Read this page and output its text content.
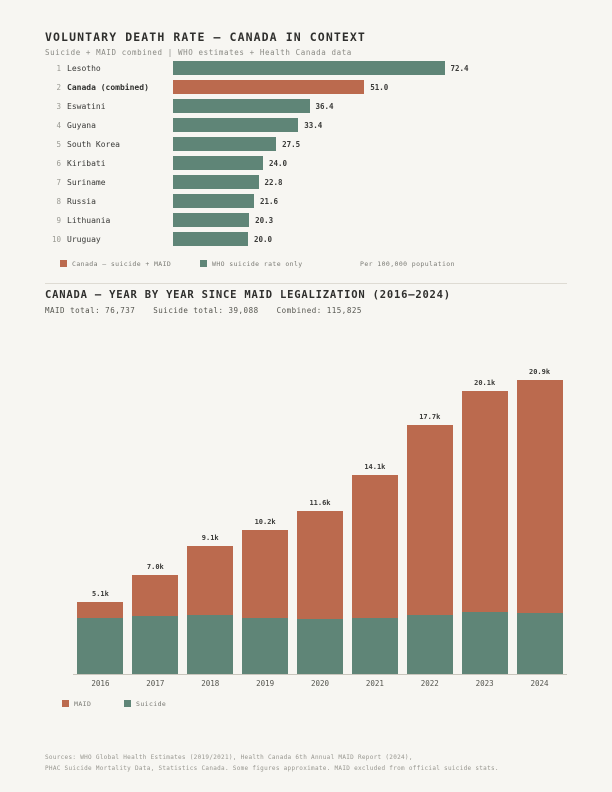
VOLUNTARY DEATH RATE – CANADA IN CONTEXT
Suicide + MAID combined | WHO estimates + Health Canada data
1 Lesotho	72.4
2 Canada (combined)	51.0
3 Eswatini	36.4
4 Guyana	33.4
5 South Korea	27.5
6 Kiribati	24.0
7 Suriname	22.8
8 Russia	21.6
9 Lithuania	20.3
10 Uruguay	20.0
Canada – suicide + MAID	WHO suicide rate only	Per 100,000 population
CANADA – YEAR BY YEAR SINCE MAID LEGALIZATION (2016–2024)
MAID total: 76,737 Suicide total: 39,088 Combined: 115,825
5.1k
7.0k
9.1k
10.2k
11.6k
14.1k
17.7k
20.1k
20.9k
2016	2017	2018	2019	2020	2021	2022	2023	2024
MAID	Suicide
Sources: WHO Global Health Estimates (2019/2021), Health Canada 6th Annual MAID Report (2024),
PHAC Suicide Mortality Data, Statistics Canada. Some figures approximate. MAID excluded from official suicide stats.
